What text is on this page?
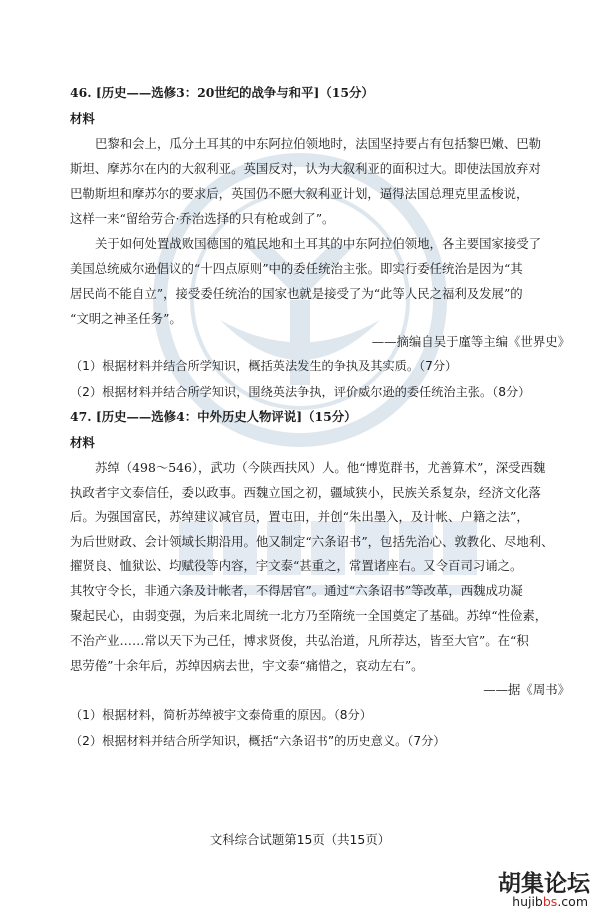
46. [历史——选修3：20世纪的战争与和平]（15分）
材料
巴黎和会上，瓜分土耳其的中东阿拉伯领地时，法国坚持要占有包括黎巴嫩、巴勒
斯坦、摩苏尔在内的大叙利亚。英国反对，认为大叙利亚的面积过大。即使法国放弃对
巴勒斯坦和摩苏尔的要求后，英国仍不愿大叙利亚计划，逼得法国总理克里孟梭说，
这样一来“留给劳合·乔治选择的只有枪或剑了”。
关于如何处置战败国德国的殖民地和土耳其的中东阿拉伯领地，各主要国家接受了
美国总统威尔逊倡议的“十四点原则”中的委任统治主张。即实行委任统治是因为“其
居民尚不能自立”，接受委任统治的国家也就是接受了为“此等人民之福利及发展”的
“文明之神圣任务”。
——摘编自吴于廑等主编《世界史》
（1）根据材料并结合所学知识，概括英法发生的争执及其实质。（7分）
（2）根据材料并结合所学知识，围绕英法争执，评价威尔逊的委任统治主张。（8分）
47. [历史——选修4：中外历史人物评说]（15分）
材料
苏绰（498～546），武功（今陕西扶风）人。他“博览群书，尤善算术”，深受西魏
执政者宇文泰信任，委以政事。西魏立国之初，疆域狭小，民族关系复杂，经济文化落
后。为强国富民，苏绰建议减官员，置屯田，并创“朱出墨入，及计帐、户籍之法”，
为后世财政、会计领域长期沿用。他又制定“六条诏书”，包括先治心、敦教化、尽地利、
擢贤良、恤狱讼、均赋役等内容，宇文泰“甚重之，常置诸座右。又令百司习诵之。
其牧守令长，非通六条及计帐者，不得居官”。通过“六条诏书”等改革，西魏成功凝
聚起民心，由弱变强，为后来北周统一北方乃至隋统一全国奠定了基础。苏绰“性俭素，
不治产业……常以天下为己任，博求贤俊，共弘治道，凡所荐达，皆至大官”。在“积
思劳倦”十余年后，苏绰因病去世，宇文泰“痛惜之，哀动左右”。
——据《周书》
（1）根据材料，简析苏绰被宇文泰倚重的原因。（8分）
（2）根据材料并结合所学知识，概括“六条诏书”的历史意义。（7分）
文科综合试题第15页（共15页）
胡集论坛
hujibbs.com
